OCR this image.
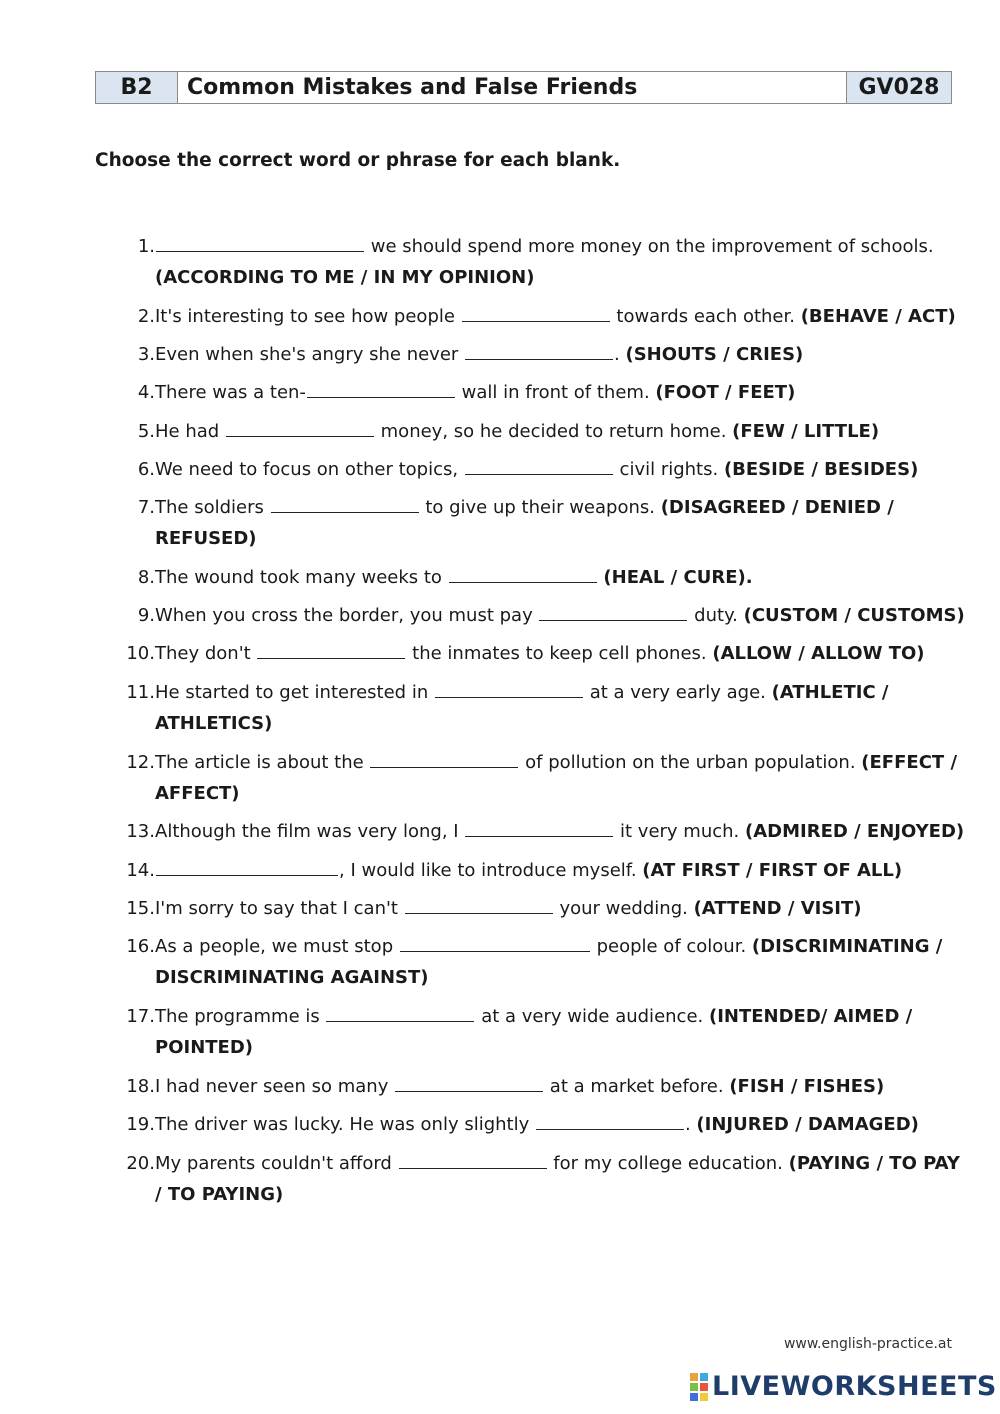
B2	Common Mistakes and False Friends	GV028
Choose the correct word or phrase for each blank.
1.	we should spend more money on the improvement of schools. (ACCORDING TO ME / IN MY OPINION)
2. It's interesting to see how people	towards each other. (BEHAVE / ACT)
3. Even when she's angry she never	. (SHOUTS / CRIES)
4. There was a ten-	wall in front of them. (FOOT / FEET)
5. He had	money, so he decided to return home. (FEW / LITTLE)
6. We need to focus on other topics,	civil rights. (BESIDE / BESIDES)
7. The soldiers	to give up their weapons. (DISAGREED / DENIED / REFUSED)
8. The wound took many weeks to	(HEAL / CURE).
9. When you cross the border, you must pay	duty. (CUSTOM / CUSTOMS)
10. They don't	the inmates to keep cell phones. (ALLOW / ALLOW TO)
11. He started to get interested in	at a very early age. (ATHLETIC / ATHLETICS)
12. The article is about the	of pollution on the urban population. (EFFECT / AFFECT)
13. Although the film was very long, I	it very much. (ADMIRED / ENJOYED)
14.	, I would like to introduce myself. (AT FIRST / FIRST OF ALL)
15. I'm sorry to say that I can't	your wedding. (ATTEND / VISIT)
16. As a people, we must stop	people of colour. (DISCRIMINATING / DISCRIMINATING AGAINST)
17. The programme is	at a very wide audience. (INTENDED/ AIMED / POINTED)
18. I had never seen so many	at a market before. (FISH / FISHES)
19. The driver was lucky. He was only slightly	. (INJURED / DAMAGED)
20. My parents couldn't afford	for my college education. (PAYING / TO PAY / TO PAYING)
www.english-practice.at
LIVEWORKSHEETS
